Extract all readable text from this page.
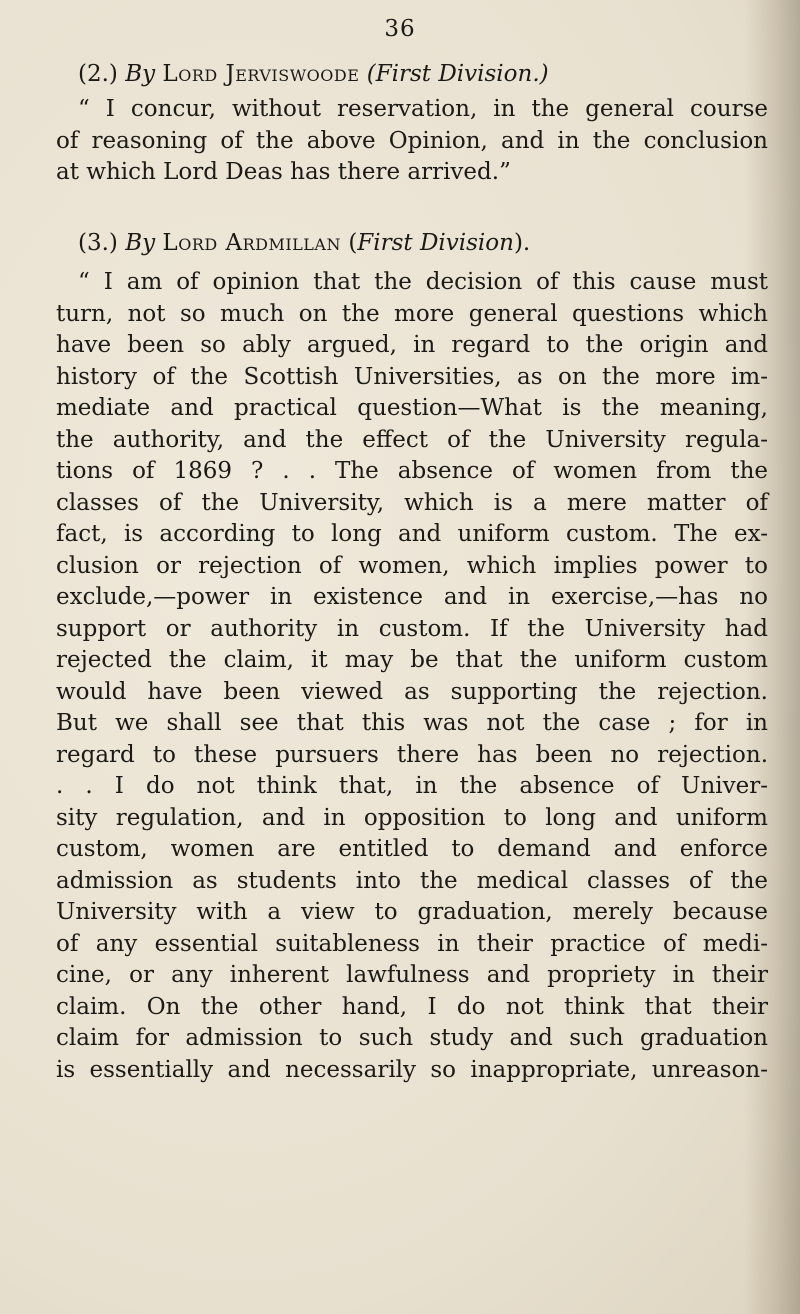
36
(2.) By Lord Jerviswoode (First Division.)
“ I concur, without reservation, in the general course
of reasoning of the above Opinion, and in the conclusion
at which Lord Deas has there arrived.”
(3.) By Lord Ardmillan (First Division).
“ I am of opinion that the decision of this cause must
turn, not so much on the more general questions which
have been so ably argued, in regard to the origin and
history of the Scottish Universities, as on the more im-
mediate and practical question—What is the meaning,
the authority, and the effect of the University regula-
tions of 1869 ? . . The absence of women from the
classes of the University, which is a mere matter of
fact, is according to long and uniform custom. The ex-
clusion or rejection of women, which implies power to
exclude,—power in existence and in exercise,—has no
support or authority in custom. If the University had
rejected the claim, it may be that the uniform custom
would have been viewed as supporting the rejection.
But we shall see that this was not the case ; for in
regard to these pursuers there has been no rejection.
. . I do not think that, in the absence of Univer-
sity regulation, and in opposition to long and uniform
custom, women are entitled to demand and enforce
admission as students into the medical classes of the
University with a view to graduation, merely because
of any essential suitableness in their practice of medi-
cine, or any inherent lawfulness and propriety in their
claim. On the other hand, I do not think that their
claim for admission to such study and such graduation
is essentially and necessarily so inappropriate, unreason-
